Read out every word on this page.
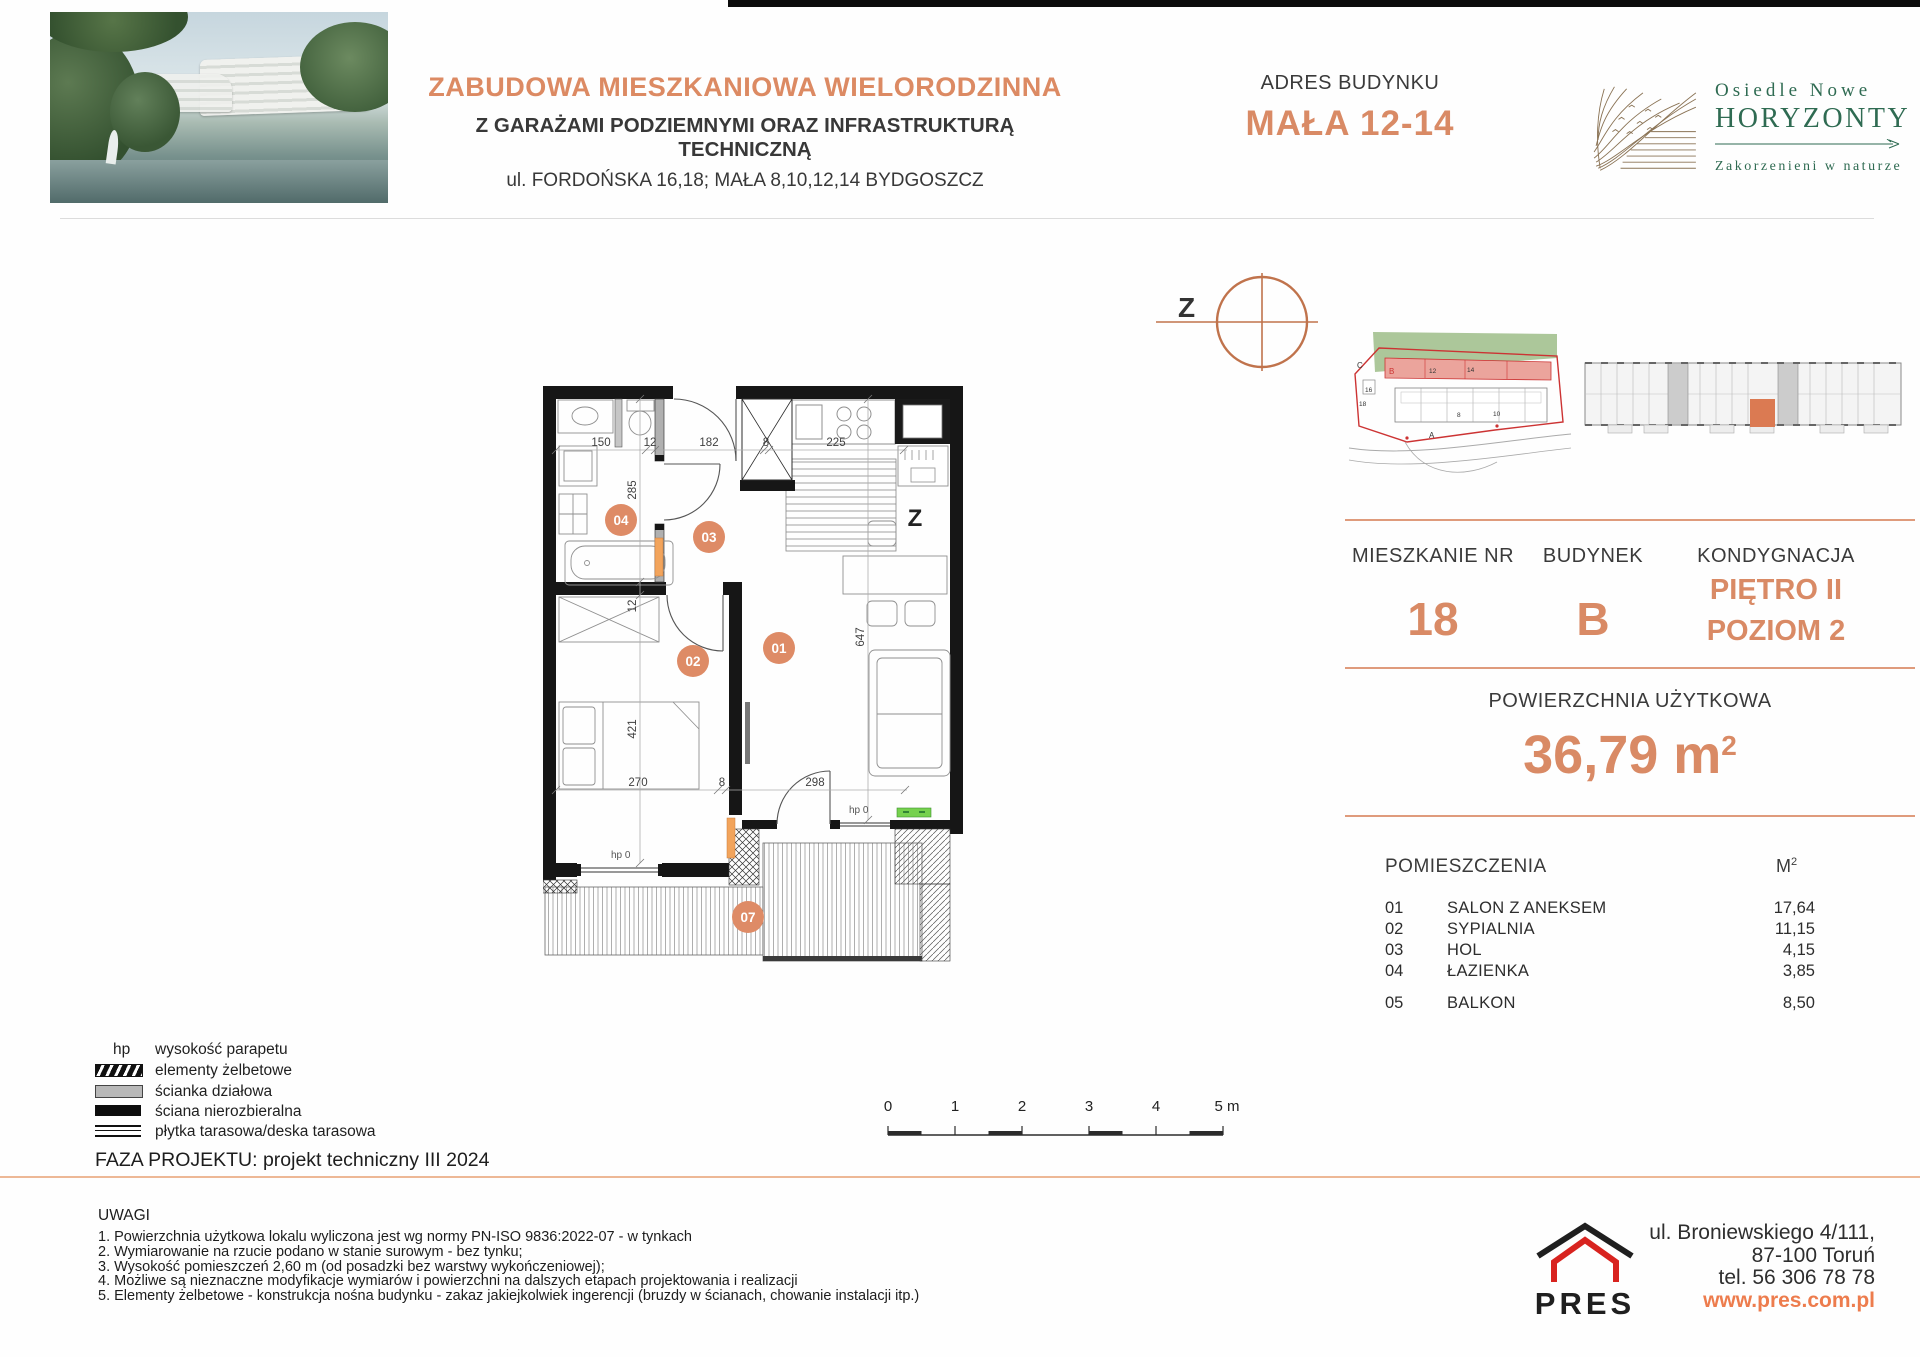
ZABUDOWA MIESZKANIOWA WIELORODZINNA
Z GARAŻAMI PODZIEMNYMI ORAZ INFRASTRUKTURĄ TECHNICZNĄ
ul. FORDOŃSKA 16,18; MAŁA 8,10,12,14 BYDGOSZCZ
ADRES BUDYNKU
MAŁA 12-14
Osiedle Nowe
HORYZONTY
Zakorzenieni w naturze
Z
C
B	12	14
16
18
8	10
A
MIESZKANIE NR	BUDYNEK	KONDYGNACJA
18	B
PIĘTRO II
POZIOM 2
POWIERZCHNIA UŻYTKOWA
36,79 $m^2$
POMIESZCZENIA	$M^2$
01	SALON Z ANEKSEM	17,64
02	SYPIALNIA	11,15
03	HOL	4,15
04	ŁAZIENKA	3,85
05	BALKON	8,50
Z
150	12	182	8	225
285
12
421
647
270	8	298
hp 0
hp 0
04
03
02
01
07
hp wysokość parapetu
elementy żelbetowe
ścianka działowa
ściana nierozbieralna
płytka tarasowa/deska tarasowa
FAZA PROJEKTU: projekt techniczny III 2024
0	1	2	3	4	5 m
UWAGI
1. Powierzchnia użytkowa lokalu wyliczona jest wg normy PN-ISO 9836:2022-07 - w tynkach
2. Wymiarowanie na rzucie podano w stanie surowym - bez tynku;
3. Wysokość pomieszczeń 2,60 m (od posadzki bez warstwy wykończeniowej);
4. Możliwe są nieznaczne modyfikacje wymiarów i powierzchni na dalszych etapach projektowania i realizacji
5. Elementy żelbetowe - konstrukcja nośna budynku - zakaz jakiejkolwiek ingerencji (bruzdy w ścianach, chowanie instalacji itp.)	PRES
ul. Broniewskiego 4/111,
87-100 Toruń
tel. 56 306 78 78
www.pres.com.pl
